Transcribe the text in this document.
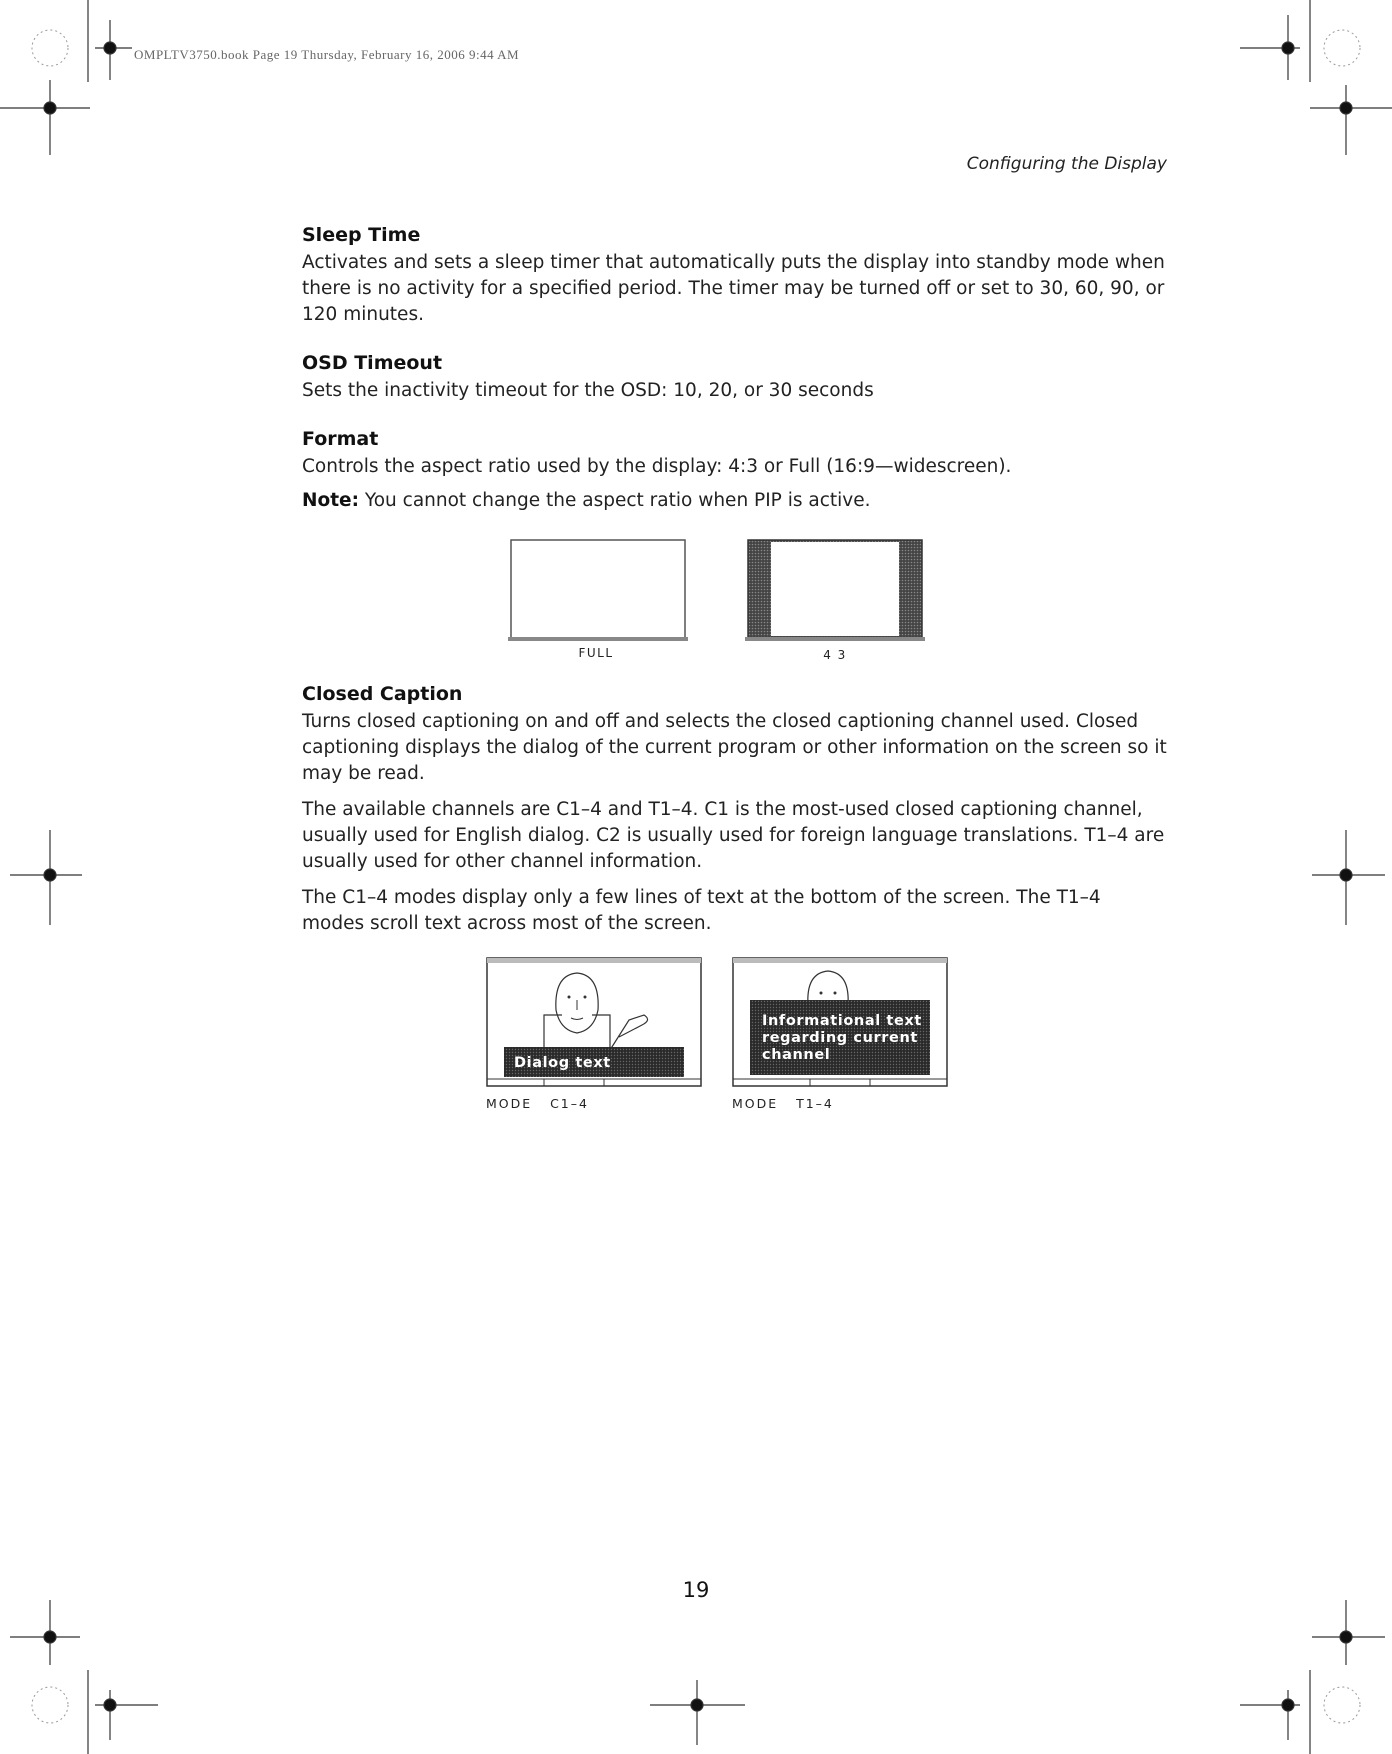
OMPLTV3750.book Page 19 Thursday, February 16, 2006 9:44 AM
Configuring the Display
Sleep Time

Activates and sets a sleep timer that automatically puts the display into standby mode when there is no activity for a specified period. The timer may be turned off or set to 30, 60, 90, or 120 minutes.

OSD Timeout

Sets the inactivity timeout for the OSD: 10, 20, or 30 seconds

Format

Controls the aspect ratio used by the display: 4:3 or Full (16:9—widescreen).

Note: You cannot change the aspect ratio when PIP is active.

FULL	4 3
Closed Caption

Turns closed captioning on and off and selects the closed captioning channel used. Closed captioning displays the dialog of the current program or other information on the screen so it may be read.

The available channels are C1–4 and T1–4. C1 is the most-used closed captioning channel, usually used for English dialog. C2 is usually used for foreign language translations. T1–4 are usually used for other channel information.

The C1–4 modes display only a few lines of text at the bottom of the screen. The T1–4 modes scroll text across most of the screen.

Dialog text
Informational text
regarding current
channel
MODE   C1–4	MODE   T1–4
19
